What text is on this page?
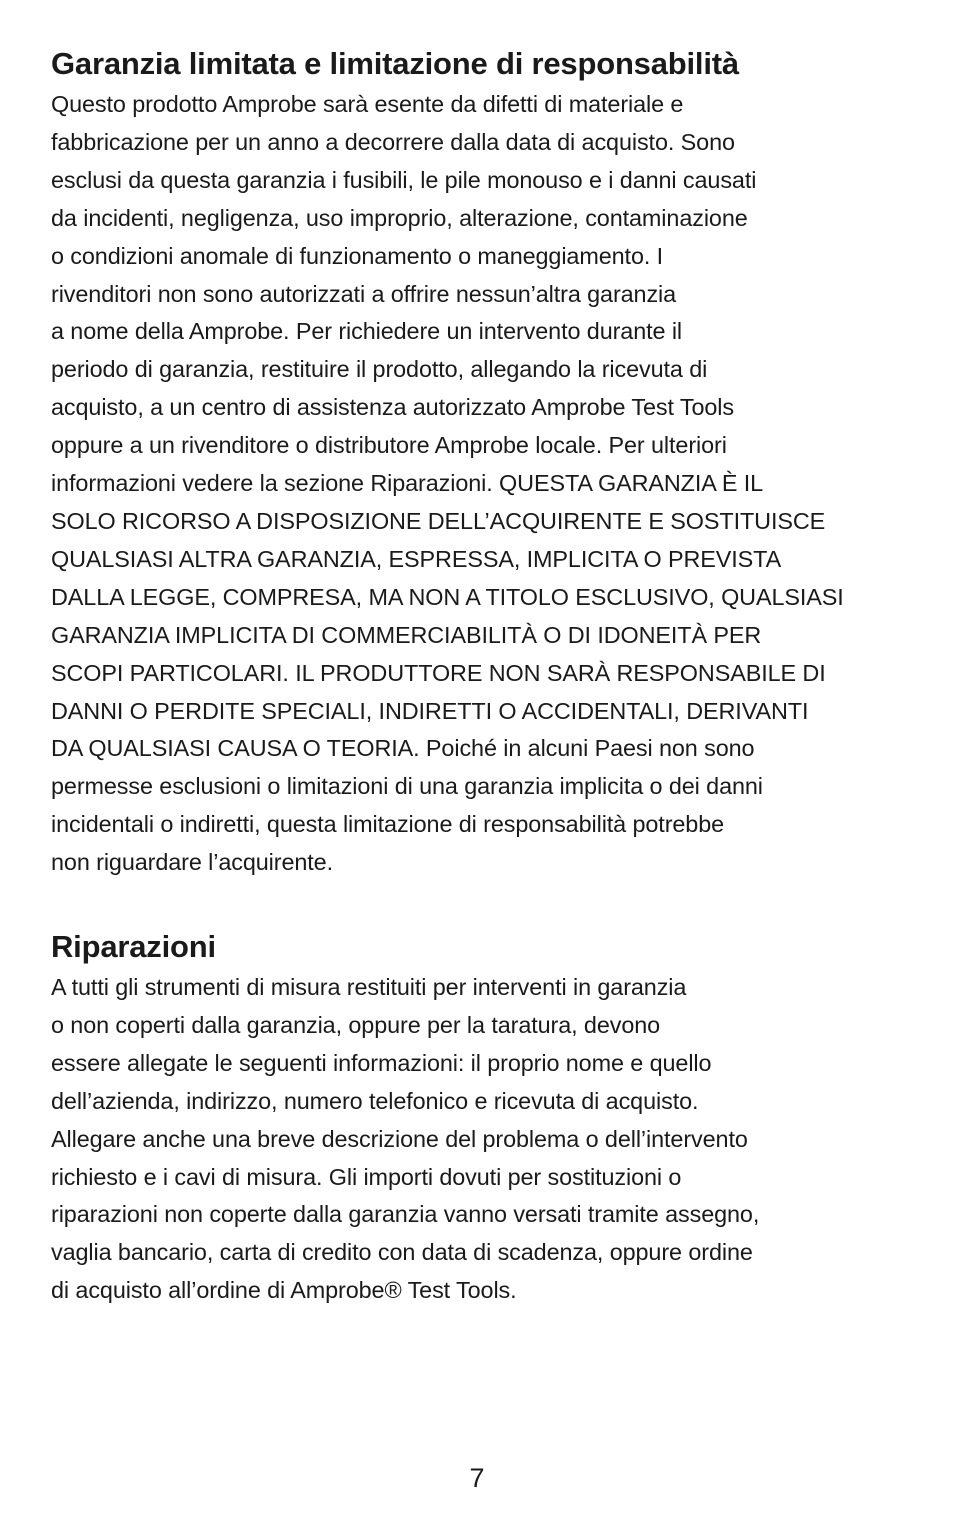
Garanzia limitata e limitazione di responsabilità

Questo prodotto Amprobe sarà esente da difetti di materiale e
fabbricazione per un anno a decorrere dalla data di acquisto. Sono
esclusi da questa garanzia i fusibili, le pile monouso e i danni causati
da incidenti, negligenza, uso improprio, alterazione, contaminazione
o condizioni anomale di funzionamento o maneggiamento. I
rivenditori non sono autorizzati a offrire nessun’altra garanzia
a nome della Amprobe. Per richiedere un intervento durante il
periodo di garanzia, restituire il prodotto, allegando la ricevuta di
acquisto, a un centro di assistenza autorizzato Amprobe Test Tools
oppure a un rivenditore o distributore Amprobe locale. Per ulteriori
informazioni vedere la sezione Riparazioni. QUESTA GARANZIA È IL
SOLO RICORSO A DISPOSIZIONE DELL’ACQUIRENTE E SOSTITUISCE
QUALSIASI ALTRA GARANZIA, ESPRESSA, IMPLICITA O PREVISTA
DALLA LEGGE, COMPRESA, MA NON A TITOLO ESCLUSIVO, QUALSIASI
GARANZIA IMPLICITA DI COMMERCIABILITÀ O DI IDONEITÀ PER
SCOPI PARTICOLARI. IL PRODUTTORE NON SARÀ RESPONSABILE DI
DANNI O PERDITE SPECIALI, INDIRETTI O ACCIDENTALI, DERIVANTI
DA QUALSIASI CAUSA O TEORIA. Poiché in alcuni Paesi non sono
permesse esclusioni o limitazioni di una garanzia implicita o dei danni
incidentali o indiretti, questa limitazione di responsabilità potrebbe
non riguardare l’acquirente.

Riparazioni

A tutti gli strumenti di misura restituiti per interventi in garanzia
o non coperti dalla garanzia, oppure per la taratura, devono
essere allegate le seguenti informazioni: il proprio nome e quello
dell’azienda, indirizzo, numero telefonico e ricevuta di acquisto.
Allegare anche una breve descrizione del problema o dell’intervento
richiesto e i cavi di misura. Gli importi dovuti per sostituzioni o
riparazioni non coperte dalla garanzia vanno versati tramite assegno,
vaglia bancario, carta di credito con data di scadenza, oppure ordine
di acquisto all’ordine di Amprobe® Test Tools.

7
